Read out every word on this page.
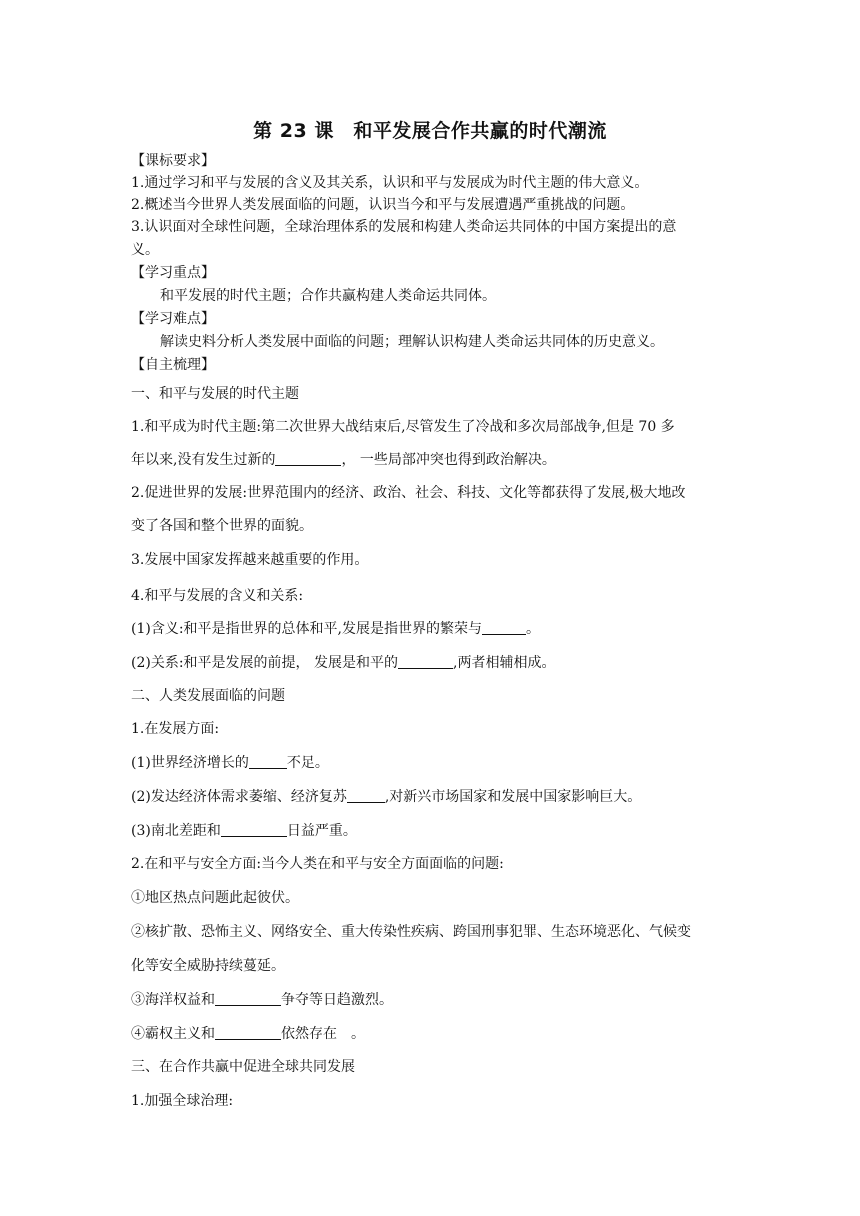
第 23 课　和平发展合作共赢的时代潮流
【课标要求】
1.通过学习和平与发展的含义及其关系，认识和平与发展成为时代主题的伟大意义。
2.概述当今世界人类发展面临的问题，认识当今和平与发展遭遇严重挑战的问题。
3.认识面对全球性问题，全球治理体系的发展和构建人类命运共同体的中国方案提出的意
义。
【学习重点】
和平发展的时代主题；合作共赢构建人类命运共同体。
【学习难点】
解读史料分析人类发展中面临的问题；理解认识构建人类命运共同体的历史意义。
【自主梳理】
一、和平与发展的时代主题
1.和平成为时代主题:第二次世界大战结束后,尽管发生了冷战和多次局部战争,但是 70 多
年以来,没有发生过新的	， 一些局部冲突也得到政治解决。
2.促进世界的发展:世界范围内的经济、政治、社会、科技、文化等都获得了发展,极大地改
变了各国和整个世界的面貌。
3.发展中国家发挥越来越重要的作用。
4.和平与发展的含义和关系:
(1)含义:和平是指世界的总体和平,发展是指世界的繁荣与	。
(2)关系:和平是发展的前提， 发展是和平的	,两者相辅相成。
二、人类发展面临的问题
1.在发展方面:
(1)世界经济增长的	不足。
(2)发达经济体需求萎缩、经济复苏	,对新兴市场国家和发展中国家影响巨大。
(3)南北差距和	日益严重。
2.在和平与安全方面:当今人类在和平与安全方面面临的问题:
①地区热点问题此起彼伏。
②核扩散、恐怖主义、网络安全、重大传染性疾病、跨国刑事犯罪、生态环境恶化、气候变
化等安全威胁持续蔓延。
③海洋权益和	争夺等日趋激烈。
④霸权主义和	依然存在　。
三、在合作共赢中促进全球共同发展
1.加强全球治理:
